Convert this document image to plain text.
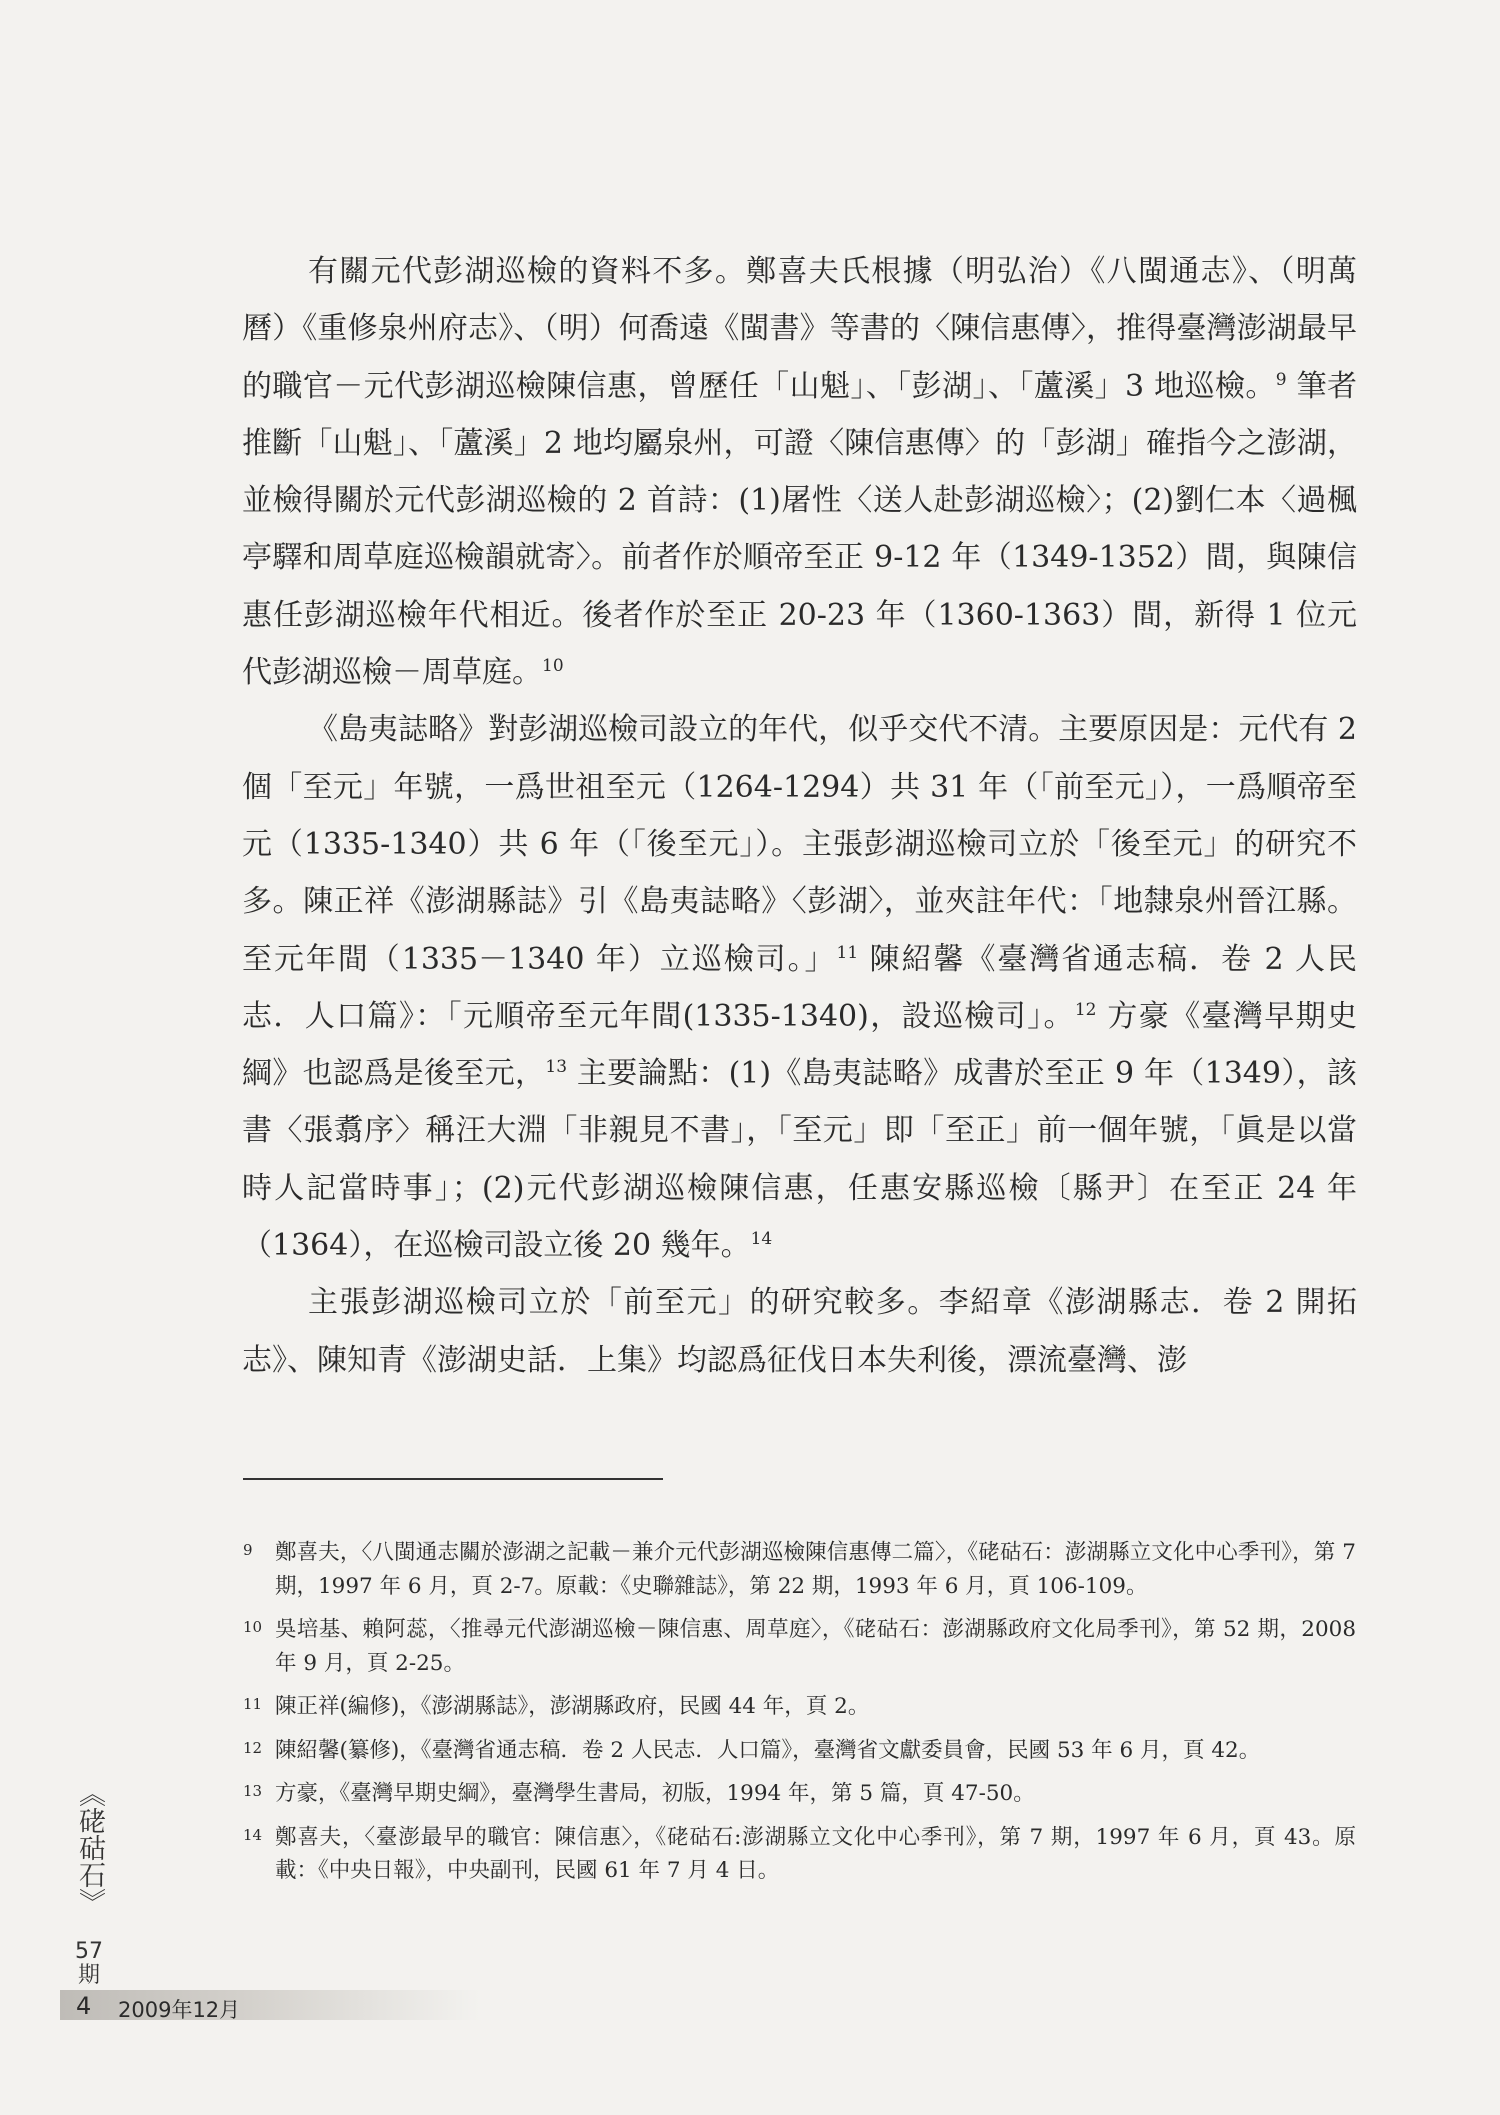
有關元代彭湖巡檢的資料不多。鄭喜夫氏根據（明弘治）《八閩通志》、（明萬曆）《重修泉州府志》、（明）何喬遠《閩書》等書的〈陳信惠傳〉，推得臺灣澎湖最早的職官－元代彭湖巡檢陳信惠，曾歷任「山魁」、「彭湖」、「蘆溪」3 地巡檢。$^9$ 筆者推斷「山魁」、「蘆溪」2 地均屬泉州，可證〈陳信惠傳〉的「彭湖」確指今之澎湖，並檢得關於元代彭湖巡檢的 2 首詩：(1)屠性〈送人赴彭湖巡檢〉；(2)劉仁本〈過楓亭驛和周草庭巡檢韻就寄〉。前者作於順帝至正 9-12 年（1349-1352）間，與陳信惠任彭湖巡檢年代相近。後者作於至正 20-23 年（1360-1363）間，新得 1 位元代彭湖巡檢－周草庭。$^{10}$

《島夷誌略》對彭湖巡檢司設立的年代，似乎交代不清。主要原因是：元代有 2 個「至元」年號，一爲世祖至元（1264-1294）共 31 年（「前至元」），一爲順帝至元（1335-1340）共 6 年（「後至元」）。主張彭湖巡檢司立於「後至元」的研究不多。陳正祥《澎湖縣誌》引《島夷誌略》〈彭湖〉，並夾註年代：「地隸泉州晉江縣。至元年間（1335－1340 年）立巡檢司。」$^{11}$ 陳紹馨《臺灣省通志稿．卷 2 人民志．人口篇》：「元順帝至元年間(1335-1340)，設巡檢司」。$^{12}$ 方豪《臺灣早期史綱》也認爲是後至元，$^{13}$ 主要論點：(1)《島夷誌略》成書於至正 9 年（1349），該書〈張翥序〉稱汪大淵「非親見不書」，「至元」即「至正」前一個年號，「眞是以當時人記當時事」；(2)元代彭湖巡檢陳信惠，任惠安縣巡檢〔縣尹〕在至正 24 年（1364），在巡檢司設立後 20 幾年。$^{14}$

主張彭湖巡檢司立於「前至元」的研究較多。李紹章《澎湖縣志．卷 2 開拓志》、陳知青《澎湖史話．上集》均認爲征伐日本失利後，漂流臺灣、澎

9 鄭喜夫，〈八閩通志關於澎湖之記載－兼介元代彭湖巡檢陳信惠傳二篇〉，《硓𥑮石：澎湖縣立文化中心季刊》，第 7 期，1997 年 6 月，頁 2-7。原載：《史聯雜誌》，第 22 期，1993 年 6 月，頁 106-109。

10 吳培基、賴阿蕊，〈推尋元代澎湖巡檢－陳信惠、周草庭〉，《硓𥑮石：澎湖縣政府文化局季刊》，第 52 期，2008 年 9 月，頁 2-25。

11 陳正祥(編修)，《澎湖縣誌》，澎湖縣政府，民國 44 年，頁 2。

12 陳紹馨(纂修)，《臺灣省通志稿．卷 2 人民志．人口篇》，臺灣省文獻委員會，民國 53 年 6 月，頁 42。

13 方豪，《臺灣早期史綱》，臺灣學生書局，初版，1994 年，第 5 篇，頁 47-50。

14 鄭喜夫，〈臺澎最早的職官：陳信惠〉，《硓𥑮石:澎湖縣立文化中心季刊》，第 7 期，1997 年 6 月，頁 43。原載：《中央日報》，中央副刊，民國 61 年 7 月 4 日。

《硓𥑮石》
57
期
4 2009年12月
